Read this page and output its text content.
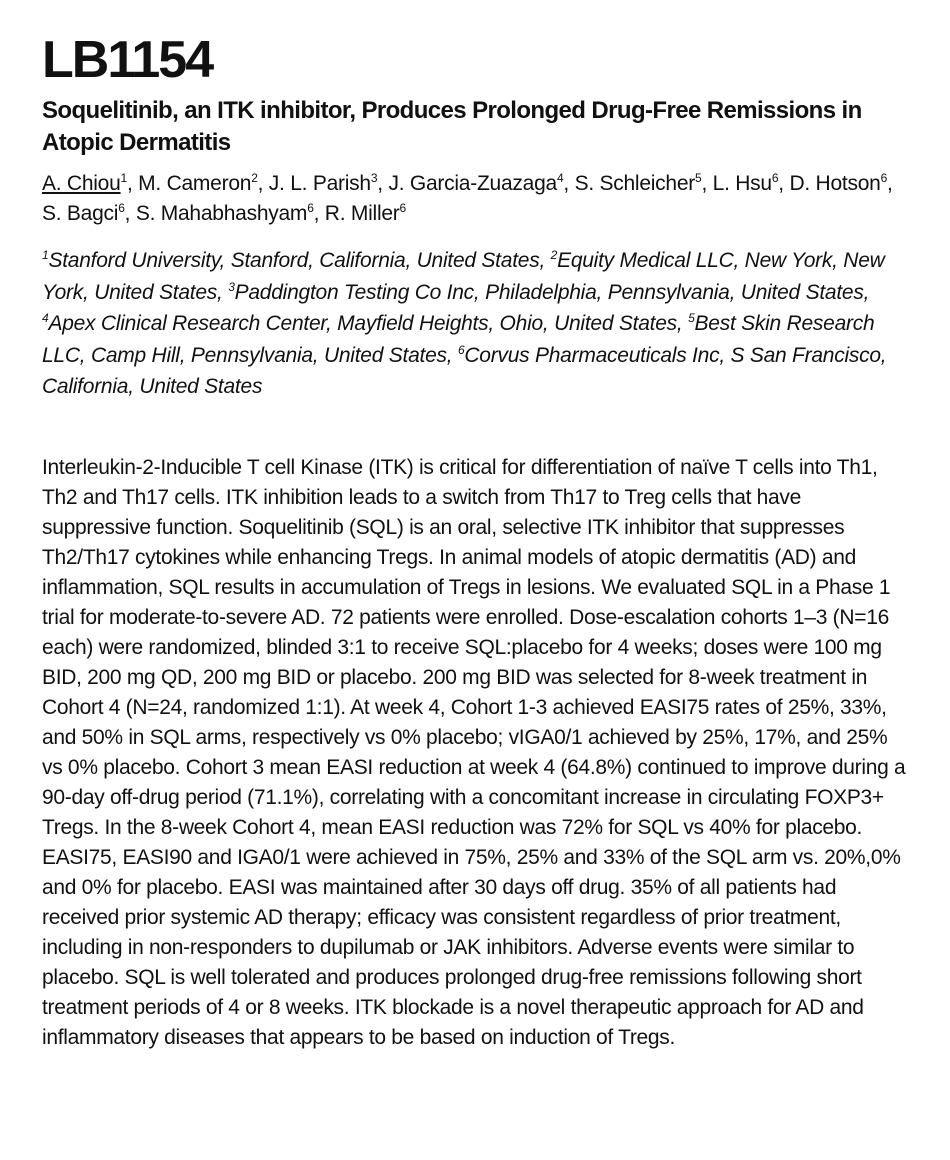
LB1154
Soquelitinib, an ITK inhibitor, Produces Prolonged Drug-Free Remissions in Atopic Dermatitis

A. Chiou$^1$, M. Cameron$^2$, J. L. Parish$^3$, J. Garcia-Zuazaga$^4$, S. Schleicher$^5$, L. Hsu$^6$, D. Hotson$^6$, S. Bagci$^6$, S. Mahabhashyam$^6$, R. Miller$^6$

$^1$Stanford University, Stanford, California, United States, $^2$Equity Medical LLC, New York, New York, United States, $^3$Paddington Testing Co Inc, Philadelphia, Pennsylvania, United States, $^4$Apex Clinical Research Center, Mayfield Heights, Ohio, United States, $^5$Best Skin Research LLC, Camp Hill, Pennsylvania, United States, $^6$Corvus Pharmaceuticals Inc, S San Francisco, California, United States

Interleukin-2-Inducible T cell Kinase (ITK) is critical for differentiation of naïve T cells into Th1, Th2 and Th17 cells. ITK inhibition leads to a switch from Th17 to Treg cells that have suppressive function. Soquelitinib (SQL) is an oral, selective ITK inhibitor that suppresses Th2/Th17 cytokines while enhancing Tregs. In animal models of atopic dermatitis (AD) and inflammation, SQL results in accumulation of Tregs in lesions. We evaluated SQL in a Phase 1 trial for moderate-to-severe AD. 72 patients were enrolled. Dose-escalation cohorts 1–3 (N=16 each) were randomized, blinded 3:1 to receive SQL:placebo for 4 weeks; doses were 100 mg BID, 200 mg QD, 200 mg BID or placebo. 200 mg BID was selected for 8-week treatment in Cohort 4 (N=24, randomized 1:1). At week 4, Cohort 1-3 achieved EASI75 rates of 25%, 33%, and 50% in SQL arms, respectively vs 0% placebo; vIGA0/1 achieved by 25%, 17%, and 25% vs 0% placebo. Cohort 3 mean EASI reduction at week 4 (64.8%) continued to improve during a 90-day off-drug period (71.1%), correlating with a concomitant increase in circulating FOXP3+ Tregs. In the 8-week Cohort 4, mean EASI reduction was 72% for SQL vs 40% for placebo. EASI75, EASI90 and IGA0/1 were achieved in 75%, 25% and 33% of the SQL arm vs. 20%,0% and 0% for placebo. EASI was maintained after 30 days off drug. 35% of all patients had received prior systemic AD therapy; efficacy was consistent regardless of prior treatment, including in non-responders to dupilumab or JAK inhibitors. Adverse events were similar to placebo. SQL is well tolerated and produces prolonged drug-free remissions following short treatment periods of 4 or 8 weeks. ITK blockade is a novel therapeutic approach for AD and inflammatory diseases that appears to be based on induction of Tregs.
